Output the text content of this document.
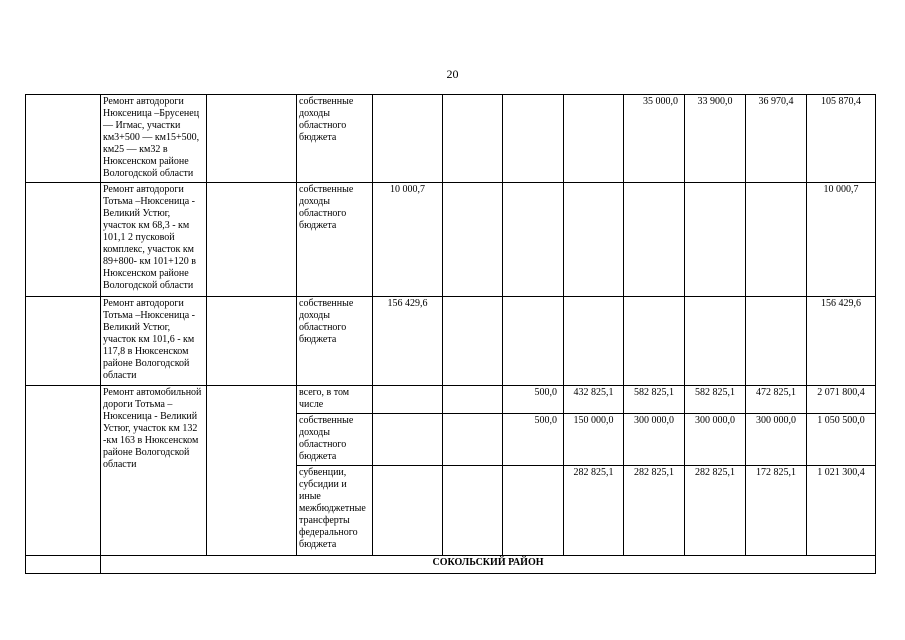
20
	Ремонт автодороги Нюксеница –Брусенец — Игмас, участки км3+500 — км15+500, км25 — км32 в Нюксенском районе Вологодской области		собственные доходы областного бюджета					35 000,0	33 900,0	36 970,4	105 870,4
	Ремонт автодороги Тотьма –Нюксеница - Великий Устюг, участок км 68,3 - км 101,1 2 пусковой комплекс, участок км 89+800- км 101+120 в Нюксенском районе Вологодской области		собственные доходы областного бюджета	10 000,7							10 000,7
	Ремонт автодороги Тотьма –Нюксеница - Великий Устюг, участок км 101,6 - км 117,8 в Нюксенском районе Вологодской области		собственные доходы областного бюджета	156 429,6							156 429,6
	Ремонт автомобильной дороги Тотьма – Нюксеница - Великий Устюг, участок км 132 -км 163 в Нюксенском районе Вологодской области		всего, в том числе			500,0	432 825,1	582 825,1	582 825,1	472 825,1	2 071 800,4
			собственные доходы областного бюджета			500,0	150 000,0	300 000,0	300 000,0	300 000,0	1 050 500,0
			субвенции, субсидии и иные межбюджетные трансферты федерального бюджета				282 825,1	282 825,1	282 825,1	172 825,1	1 021 300,4
	СОКОЛЬСКИЙ РАЙОН										
